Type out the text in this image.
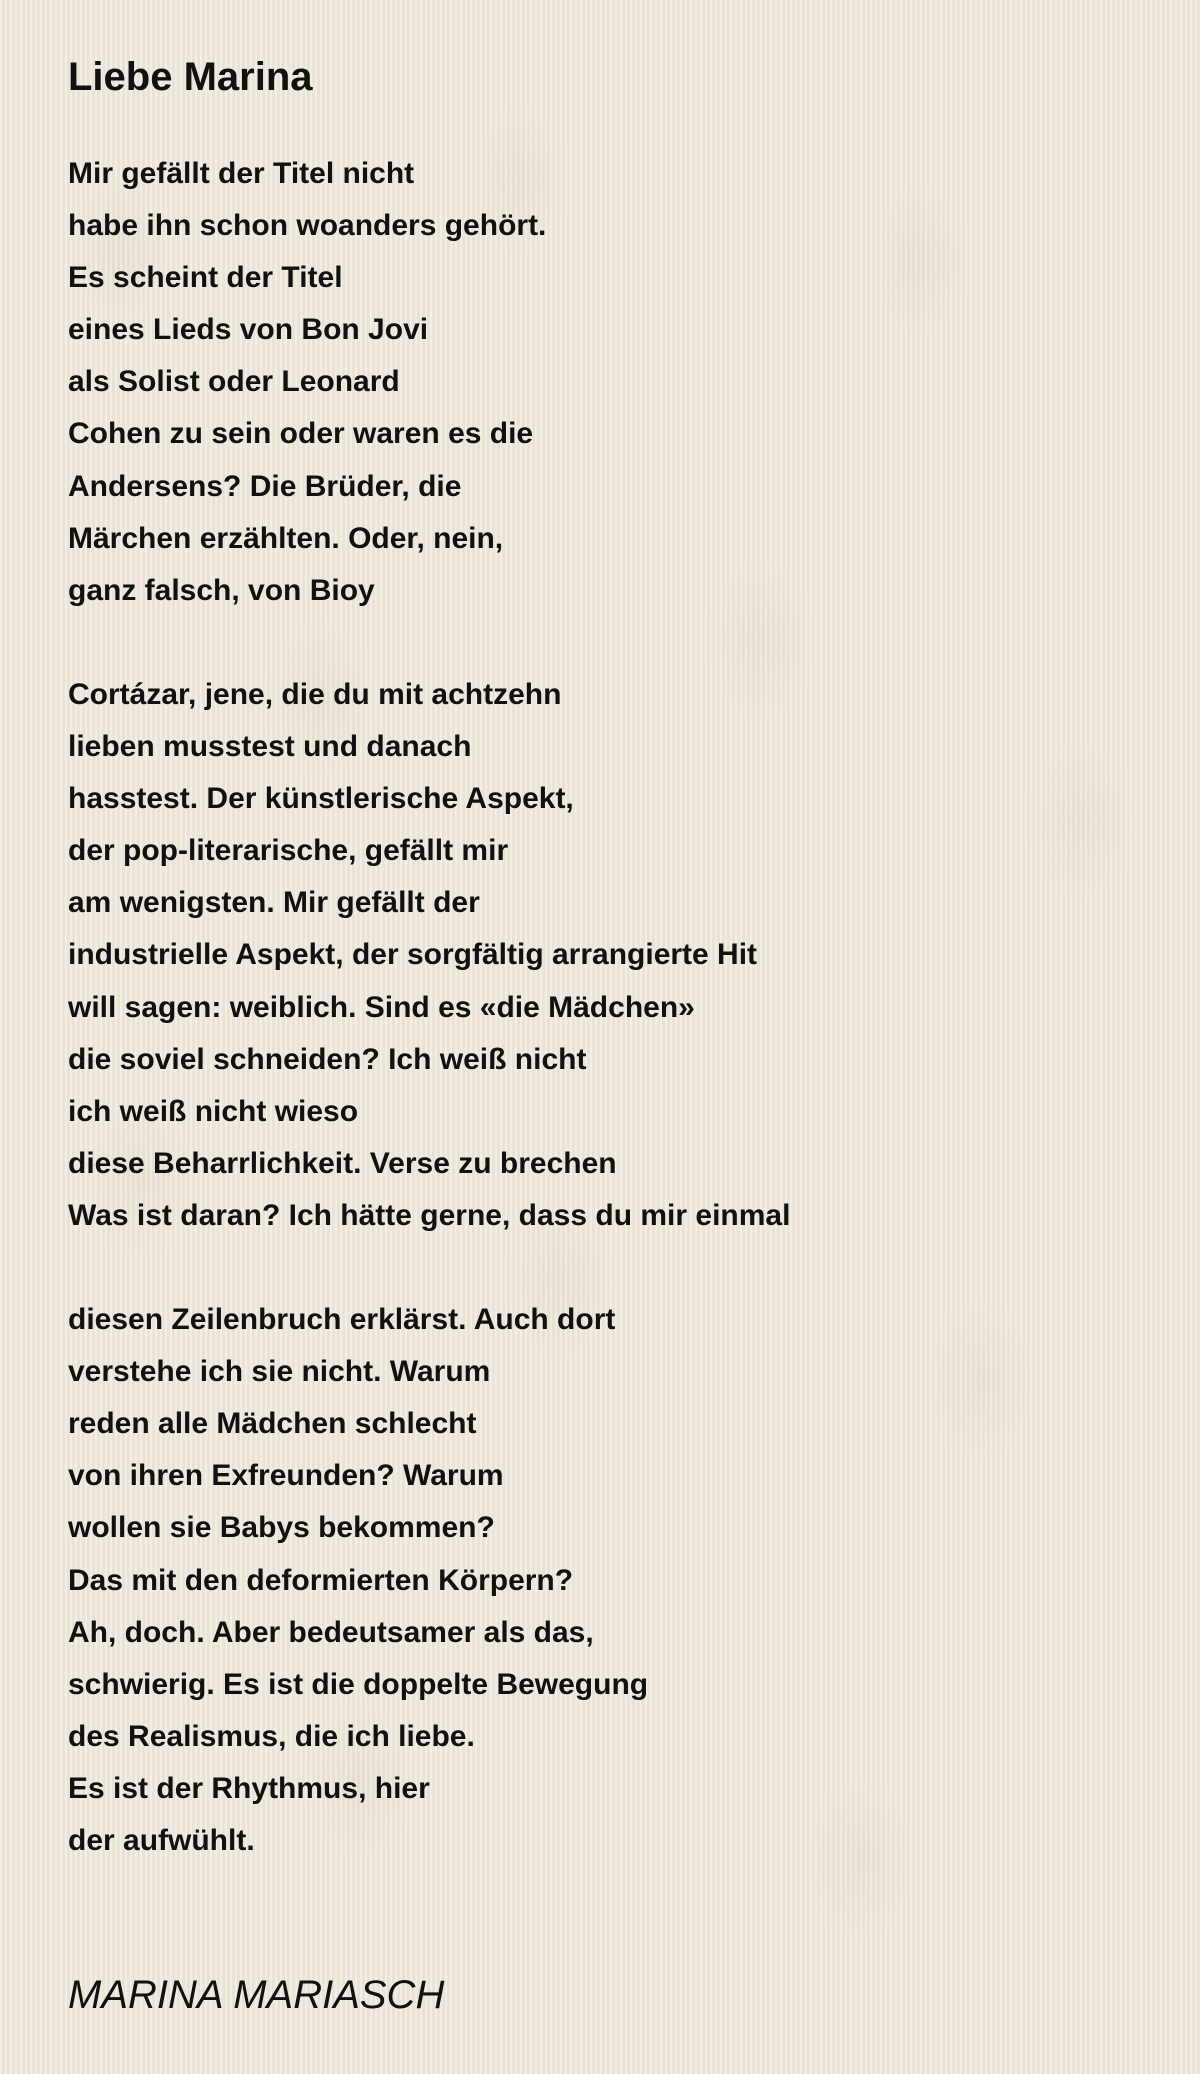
Liebe Marina
Mir gefällt der Titel nicht
habe ihn schon woanders gehört.
Es scheint der Titel
eines Lieds von Bon Jovi
als Solist oder Leonard
Cohen zu sein oder waren es die
Andersens? Die Brüder, die
Märchen erzählten. Oder, nein,
ganz falsch, von Bioy
Cortázar, jene, die du mit achtzehn
lieben musstest und danach
hasstest. Der künstlerische Aspekt,
der pop-literarische, gefällt mir
am wenigsten. Mir gefällt der
industrielle Aspekt, der sorgfältig arrangierte Hit
will sagen: weiblich. Sind es «die Mädchen»
die soviel schneiden? Ich weiß nicht
ich weiß nicht wieso
diese Beharrlichkeit. Verse zu brechen
Was ist daran? Ich hätte gerne, dass du mir einmal
diesen Zeilenbruch erklärst. Auch dort
verstehe ich sie nicht. Warum
reden alle Mädchen schlecht
von ihren Exfreunden? Warum
wollen sie Babys bekommen?
Das mit den deformierten Körpern?
Ah, doch. Aber bedeutsamer als das,
schwierig. Es ist die doppelte Bewegung
des Realismus, die ich liebe.
Es ist der Rhythmus, hier
der aufwühlt.
MARINA MARIASCH
